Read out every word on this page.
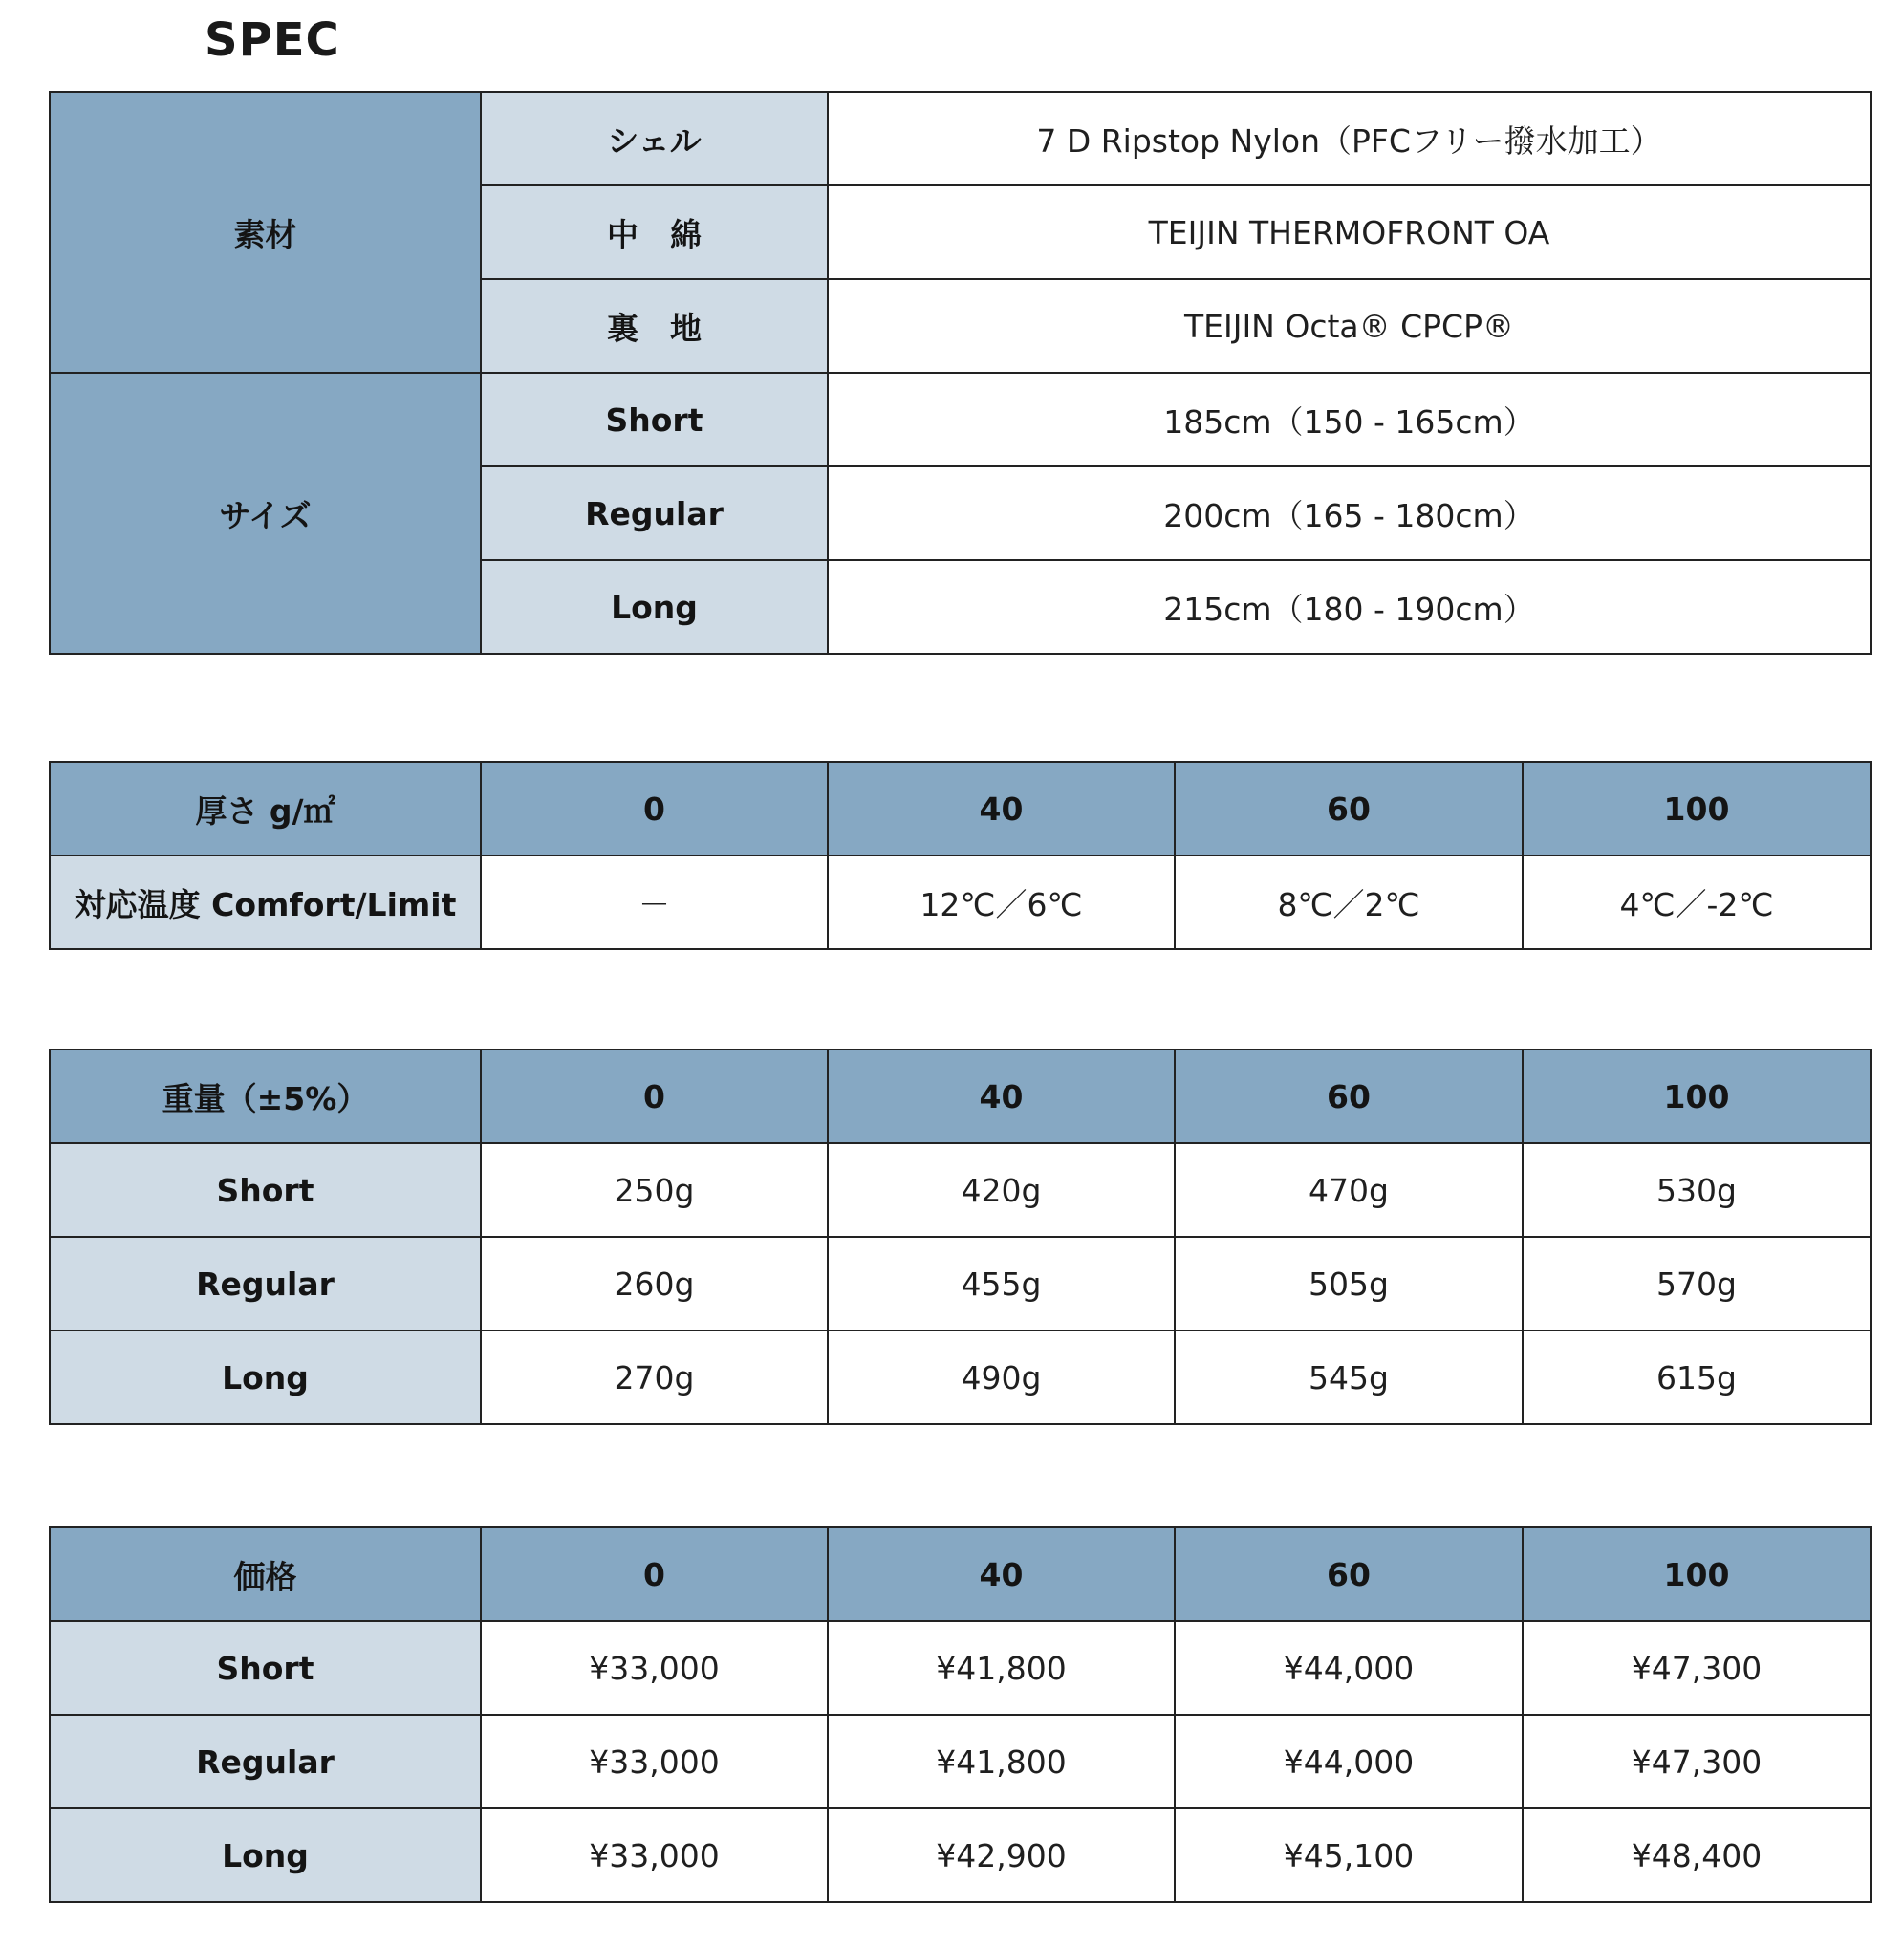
SPEC
素材	シェル	7 D Ripstop Nylon（PFCフリー撥水加工）
	中　綿	TEIJIN THERMOFRONT OA
	裏　地	TEIJIN Octa® CPCP®
サイズ	Short	185cm（150 - 165cm）
	Regular	200cm（165 - 180cm）
	Long	215cm（180 - 190cm）
厚さ g/㎡	0	40	60	100
対応温度 Comfort/Limit	－	12℃／6℃	8℃／2℃	4℃／-2℃
重量（±5%）	0	40	60	100
Short	250g	420g	470g	530g
Regular	260g	455g	505g	570g
Long	270g	490g	545g	615g
価格	0	40	60	100
Short	¥33,000	¥41,800	¥44,000	¥47,300
Regular	¥33,000	¥41,800	¥44,000	¥47,300
Long	¥33,000	¥42,900	¥45,100	¥48,400
